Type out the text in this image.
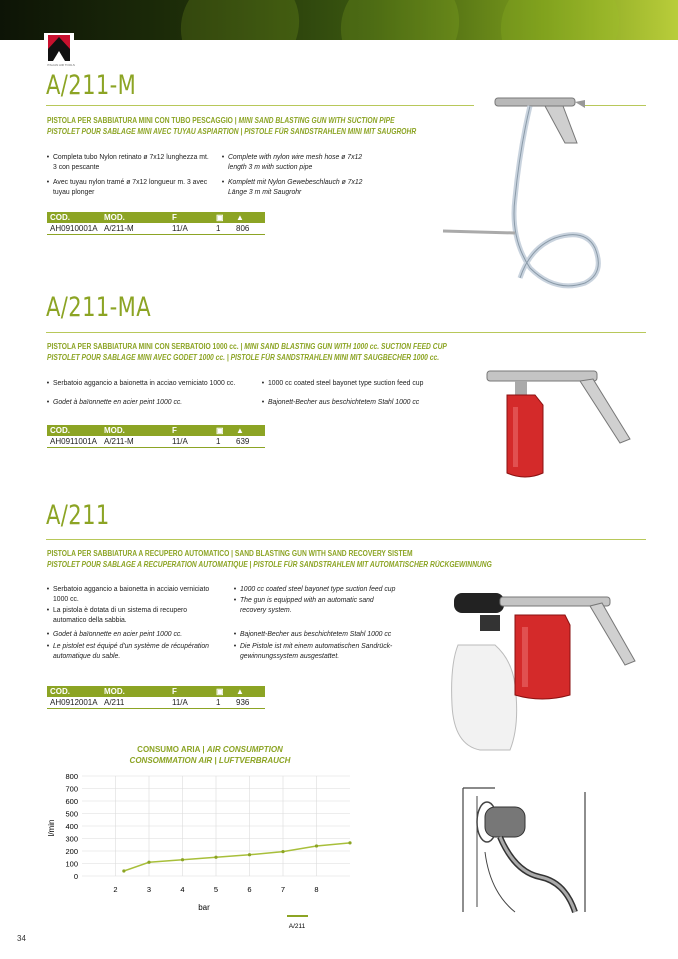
ITALIAN AIR TOOLS
A/211-M
PISTOLA PER SABBIATURA MINI CON TUBO PESCAGGIO | MINI SAND BLASTING GUN WITH SUCTION PIPE
PISTOLET POUR SABLAGE MINI AVEC TUYAU ASPIARTION | PISTOLE FÜR SANDSTRAHLEN MINI MIT SAUGROHR
• Completa tubo Nylon retinato ø 7x12 lunghezza mt. 3 con pescante
• Avec tuyau nylon tramé ø 7x12 longueur m. 3 avec tuyau plonger
• Complete with nylon wire mesh hose ø 7x12 length 3 m with suction pipe
• Komplett mit Nylon Gewebeschlauch ø 7x12 Länge 3 m mit Saugrohr
COD.	MOD.	F	▣	▲
AH0910001A	A/211-M	11/A	1	806
A/211-MA
PISTOLA PER SABBIATURA MINI CON SERBATOIO 1000 cc. | MINI SAND BLASTING GUN WITH 1000 cc. SUCTION FEED CUP
PISTOLET POUR SABLAGE MINI AVEC GODET 1000 cc. | PISTOLE FÜR SANDSTRAHLEN MINI MIT SAUGBECHER 1000 cc.
• Serbatoio aggancio a baionetta in acciao verniciato 1000 cc.
• Godet à baïonnette en acier peint 1000 cc.
• 1000 cc coated steel bayonet type suction feed cup
• Bajonett-Becher aus beschichtetem Stahl 1000 cc
COD.	MOD.	F	▣	▲
AH0911001A	A/211-M	11/A	1	639
A/211
PISTOLA PER SABBIATURA A RECUPERO AUTOMATICO | SAND BLASTING GUN WITH SAND RECOVERY SISTEM
PISTOLET POUR SABLAGE A RECUPERATION AUTOMATIQUE | PISTOLE FÜR SANDSTRAHLEN MIT AUTOMATISCHER RÜCKGEWINNUNG
• Serbatoio aggancio a baionetta in acciaio verniciato 1000 cc.
• La pistola è dotata di un sistema di recupero automatico della sabbia.
• Godet à baïonnette en acier peint 1000 cc.
• Le pistolet est équipé d'un système de récupération automatique du sable.
• 1000 cc coated steel bayonet type suction feed cup
• The gun is equipped with an automatic sand recovery system.
• Bajonett-Becher aus beschichtetem Stahl 1000 cc
• Die Pistole ist mit einem automatischen Sandrück-gewinnungssystem ausgestattet.
COD.	MOD.	F	▣	▲
AH0912001A	A/211	11/A	1	936
CONSUMO ARIA | AIR CONSUMPTION
CONSOMMATION AIR | LUFTVERBRAUCH
0
100
200
300
400
500
600
700
800
2	3	4	5	6	7	8
l/min
bar
A/211
34
